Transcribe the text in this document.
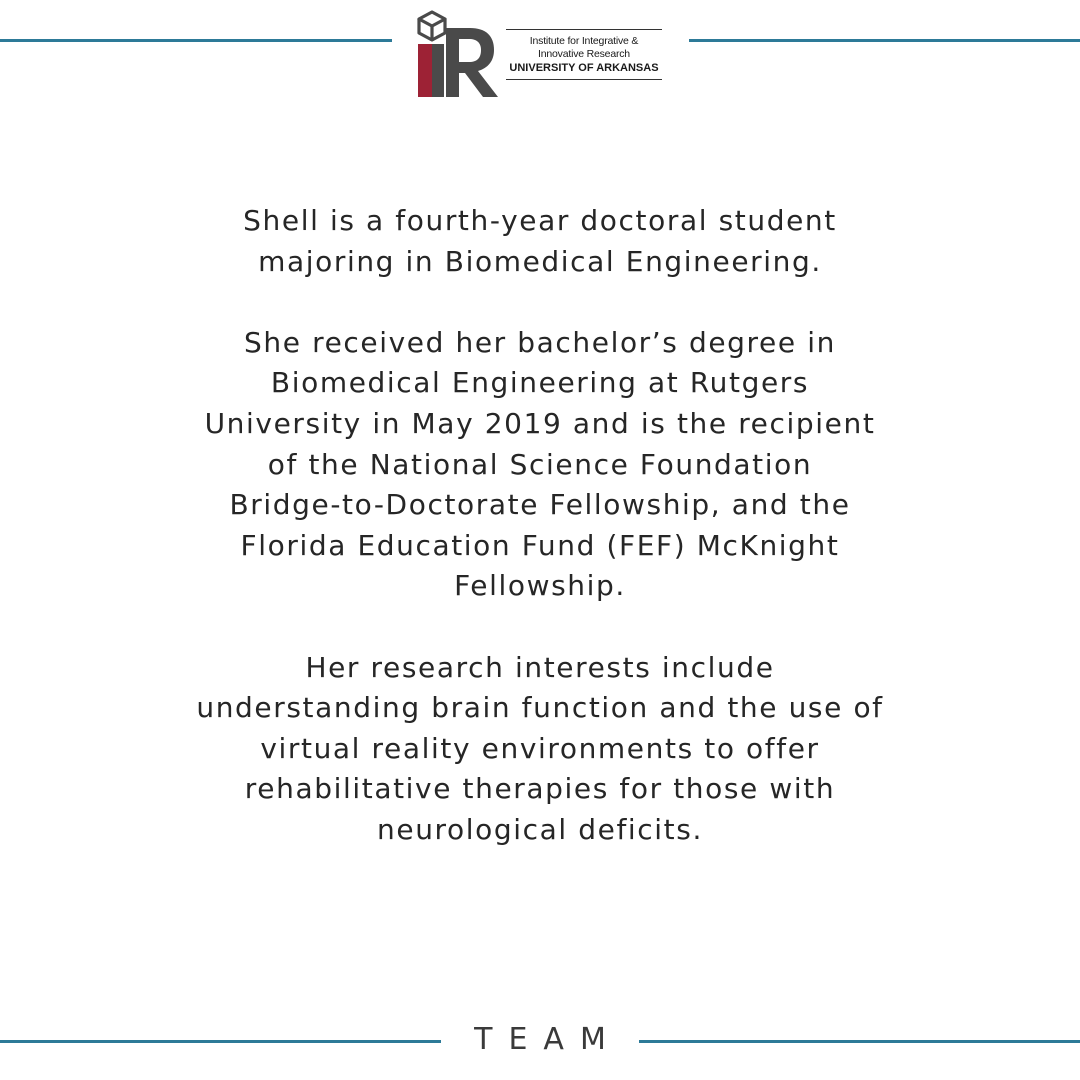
Institute for Integrative &
Innovative Research
UNIVERSITY OF ARKANSAS

Shell is a fourth-year doctoral student
majoring in Biomedical Engineering.

She received her bachelor’s degree in
Biomedical Engineering at Rutgers
University in May 2019 and is the recipient
of the National Science Foundation
Bridge-to-Doctorate Fellowship, and the
Florida Education Fund (FEF) McKnight
Fellowship.

Her research interests include
understanding brain function and the use of
virtual reality environments to offer
rehabilitative therapies for those with
neurological deficits.

TEAM
